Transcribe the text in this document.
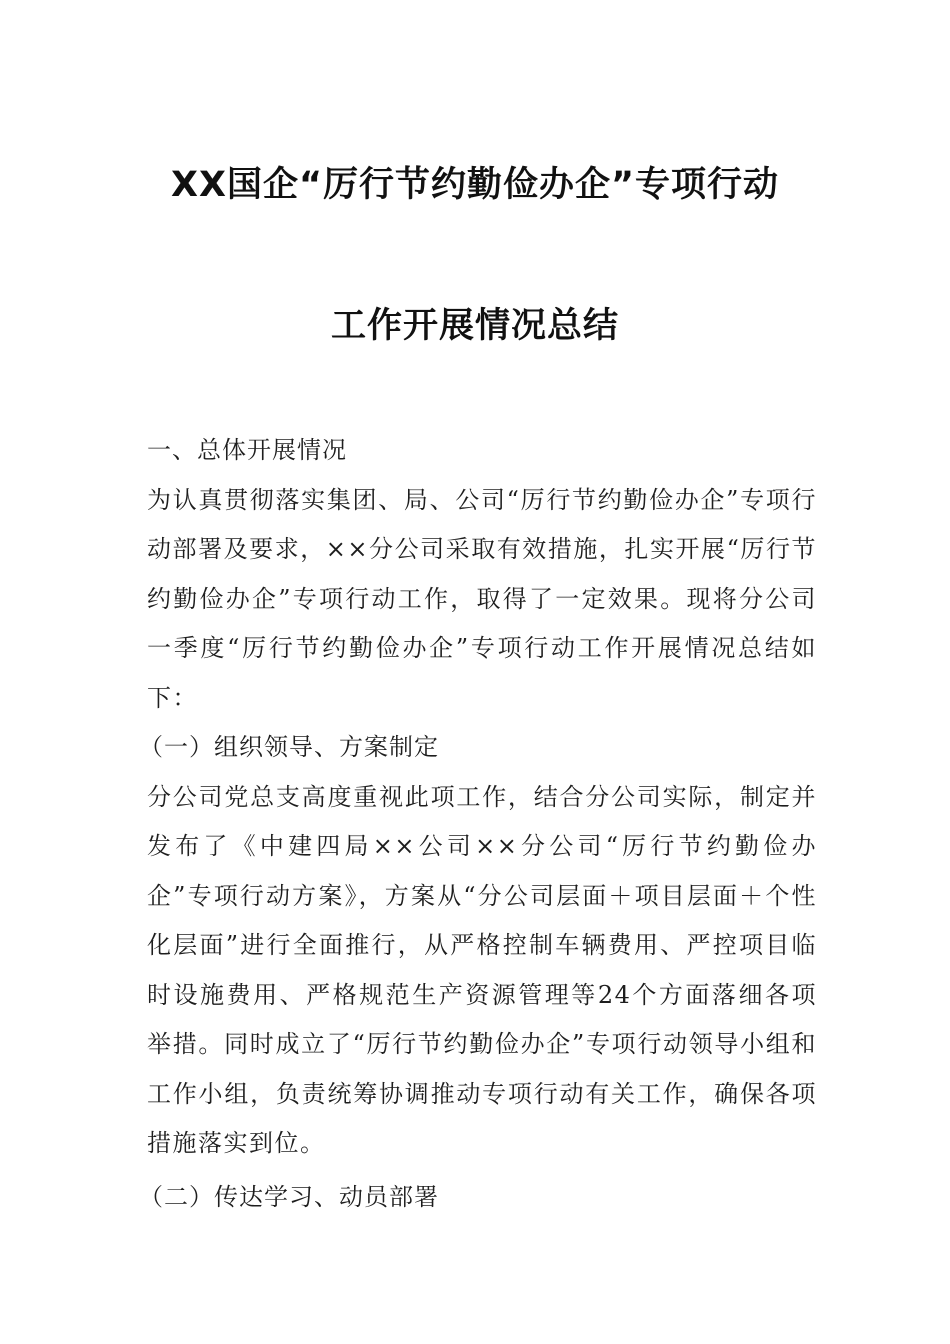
XX国企“厉行节约勤俭办企”专项行动
工作开展情况总结

一、总体开展情况

为认真贯彻落实集团、局、公司“厉行节约勤俭办企”专项行动部署及要求，××分公司采取有效措施，扎实开展“厉行节约勤俭办企”专项行动工作，取得了一定效果。现将分公司一季度“厉行节约勤俭办企”专项行动工作开展情况总结如下：

（一）组织领导、方案制定

分公司党总支高度重视此项工作，结合分公司实际，制定并发布了《中建四局××公司××分公司“厉行节约勤俭办企”专项行动方案》，方案从“分公司层面＋项目层面＋个性化层面”进行全面推行，从严格控制车辆费用、严控项目临时设施费用、严格规范生产资源管理等24个方面落细各项举措。同时成立了“厉行节约勤俭办企”专项行动领导小组和工作小组，负责统筹协调推动专项行动有关工作，确保各项措施落实到位。

（二）传达学习、动员部署
